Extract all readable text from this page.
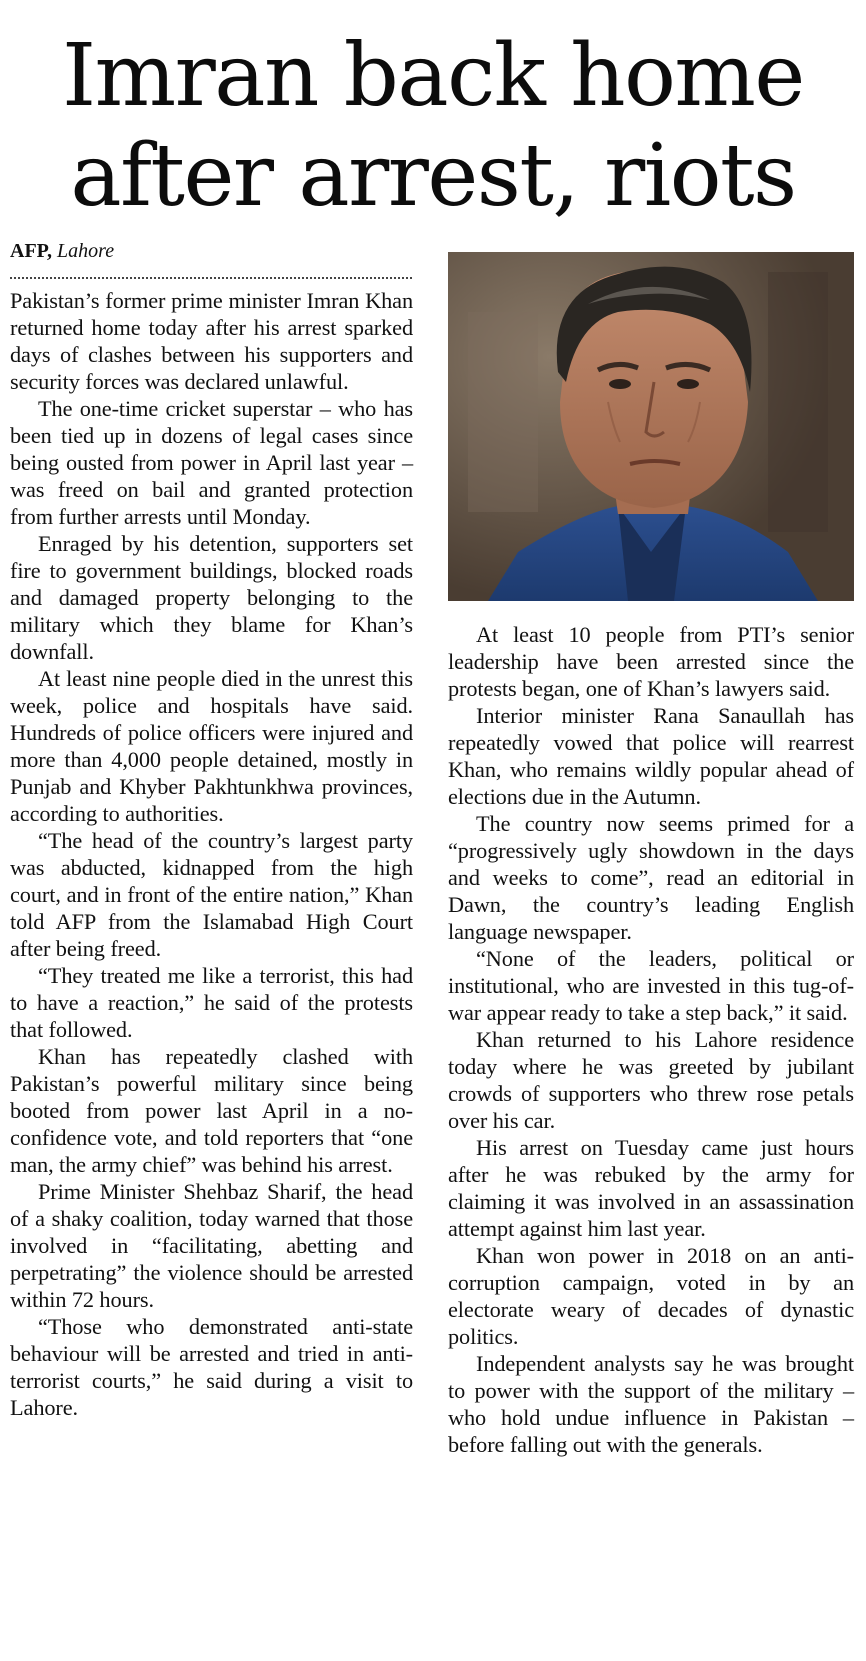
Imran back home
after arrest, riots
AFP, Lahore

Pakistan’s former prime minister Imran Khan returned home today after his arrest sparked days of clashes between his supporters and security forces was declared unlawful.

The one-time cricket superstar – who has been tied up in dozens of legal cases since being ousted from power in April last year – was freed on bail and granted protection from further arrests until Monday.

Enraged by his detention, supporters set fire to government buildings, blocked roads and damaged property belonging to the military which they blame for Khan’s downfall.

At least nine people died in the unrest this week, police and hospitals have said. Hundreds of police officers were injured and more than 4,000 people detained, mostly in Punjab and Khyber Pakhtunkhwa provinces, according to authorities.

“The head of the country’s largest party was abducted, kidnapped from the high court, and in front of the entire nation,” Khan told AFP from the Islamabad High Court after being freed.

“They treated me like a terrorist, this had to have a reaction,” he said of the protests that followed.

Khan has repeatedly clashed with Pakistan’s powerful military since being booted from power last April in a no-confidence vote, and told reporters that “one man, the army chief” was behind his arrest.

Prime Minister Shehbaz Sharif, the head of a shaky coalition, today warned that those involved in “facilitating, abetting and perpetrating” the violence should be arrested within 72 hours.

“Those who demonstrated anti-state behaviour will be arrested and tried in anti-terrorist courts,” he said during a visit to Lahore.

At least 10 people from PTI’s senior leadership have been arrested since the protests began, one of Khan’s lawyers said.

Interior minister Rana Sanaullah has repeatedly vowed that police will rearrest Khan, who remains wildly popular ahead of elections due in the Autumn.

The country now seems primed for a “progressively ugly showdown in the days and weeks to come”, read an editorial in Dawn, the country’s leading English language newspaper.

“None of the leaders, political or institutional, who are invested in this tug-of-war appear ready to take a step back,” it said.

Khan returned to his Lahore residence today where he was greeted by jubilant crowds of supporters who threw rose petals over his car.

His arrest on Tuesday came just hours after he was rebuked by the army for claiming it was involved in an assassination attempt against him last year.

Khan won power in 2018 on an anti-corruption campaign, voted in by an electorate weary of decades of dynastic politics.

Independent analysts say he was brought to power with the support of the military – who hold undue influence in Pakistan – before falling out with the generals.
